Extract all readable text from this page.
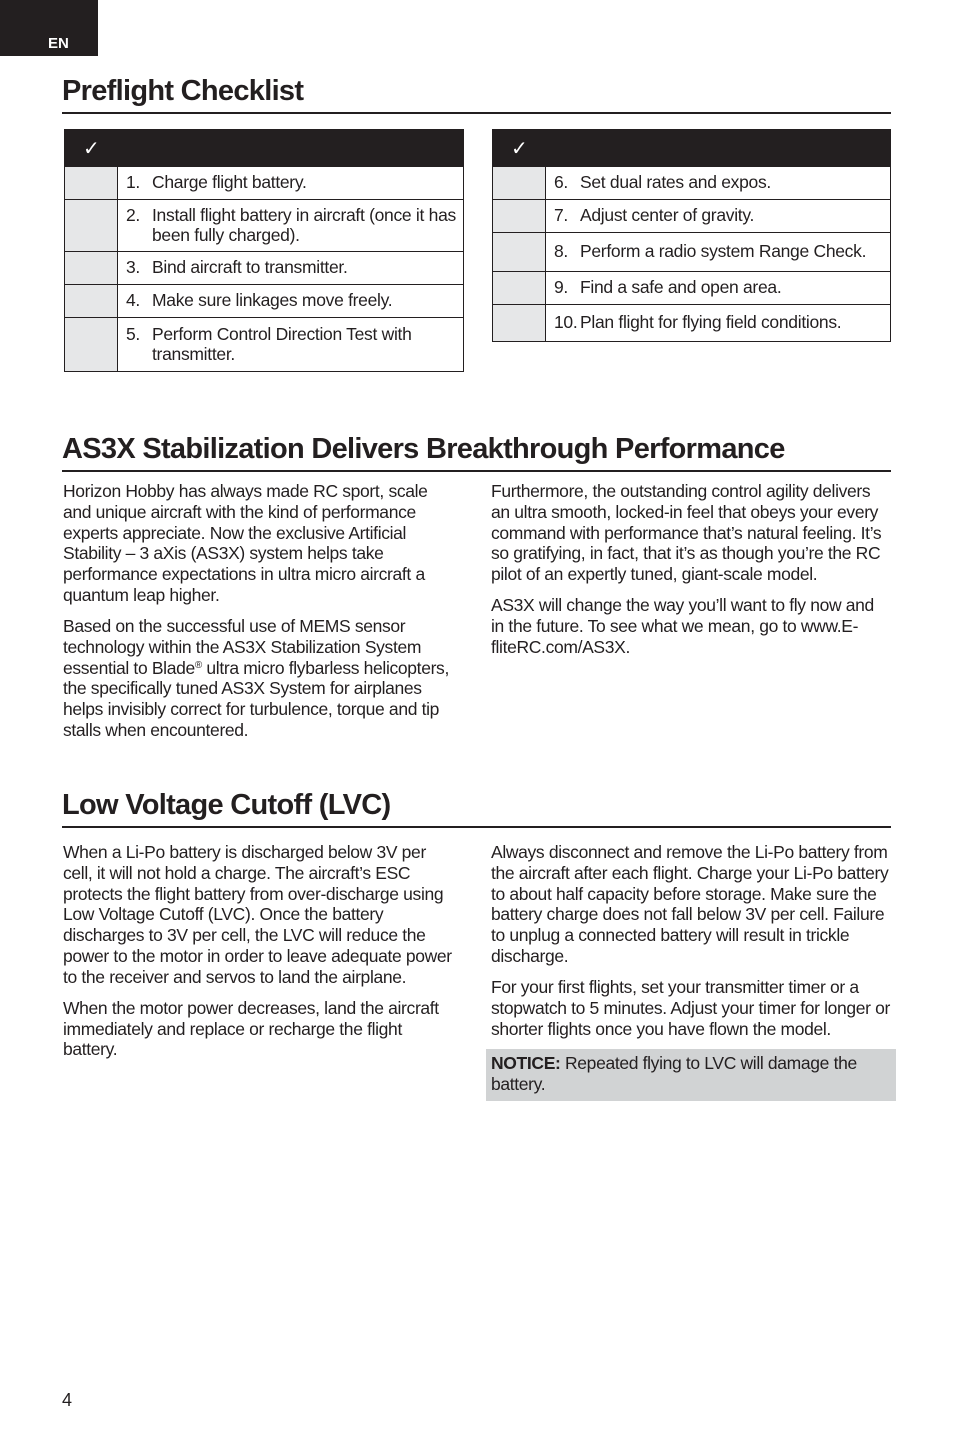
EN
Preflight Checklist
✓	

	1. Charge flight battery.

	2. Install flight battery in aircraft (once it has been fully charged).

	3. Bind aircraft to transmitter.

	4. Make sure linkages move freely.

	5. Perform Control Direction Test with transmitter.
✓	

	6. Set dual rates and expos.

	7. Adjust center of gravity.

	8. Perform a radio system Range Check.

	9. Find a safe and open area.

	10. Plan flight for flying field conditions.
AS3X Stabilization Delivers Breakthrough Performance

Horizon Hobby has always made RC sport, scale and unique aircraft with the kind of performance experts appreciate. Now the exclusive Artificial Stability – 3 aXis (AS3X) system helps take performance expectations in ultra micro aircraft a quantum leap higher.

Based on the successful use of MEMS sensor technology within the AS3X Stabilization System essential to Blade® ultra micro flybarless helicopters, the specifically tuned AS3X System for airplanes helps invisibly correct for turbulence, torque and tip stalls when encountered.

Furthermore, the outstanding control agility delivers an ultra smooth, locked-in feel that obeys your every command with performance that’s natural feeling. It’s so gratifying, in fact, that it’s as though you’re the RC pilot of an expertly tuned, giant-scale model.

AS3X will change the way you’ll want to fly now and in the future. To see what we mean, go to www.E-fliteRC.com/AS3X.

Low Voltage Cutoff (LVC)

When a Li-Po battery is discharged below 3V per cell, it will not hold a charge. The aircraft’s ESC protects the flight battery from over-discharge using Low Voltage Cutoff (LVC). Once the battery discharges to 3V per cell, the LVC will reduce the power to the motor in order to leave adequate power to the receiver and servos to land the airplane.

When the motor power decreases, land the aircraft immediately and replace or recharge the flight battery.

Always disconnect and remove the Li-Po battery from the aircraft after each flight. Charge your Li-Po battery to about half capacity before storage. Make sure the battery charge does not fall below 3V per cell. Failure to unplug a connected battery will result in trickle discharge.

For your first flights, set your transmitter timer or a stopwatch to 5 minutes. Adjust your timer for longer or shorter flights once you have flown the model.

NOTICE: Repeated flying to LVC will damage the battery.

4
